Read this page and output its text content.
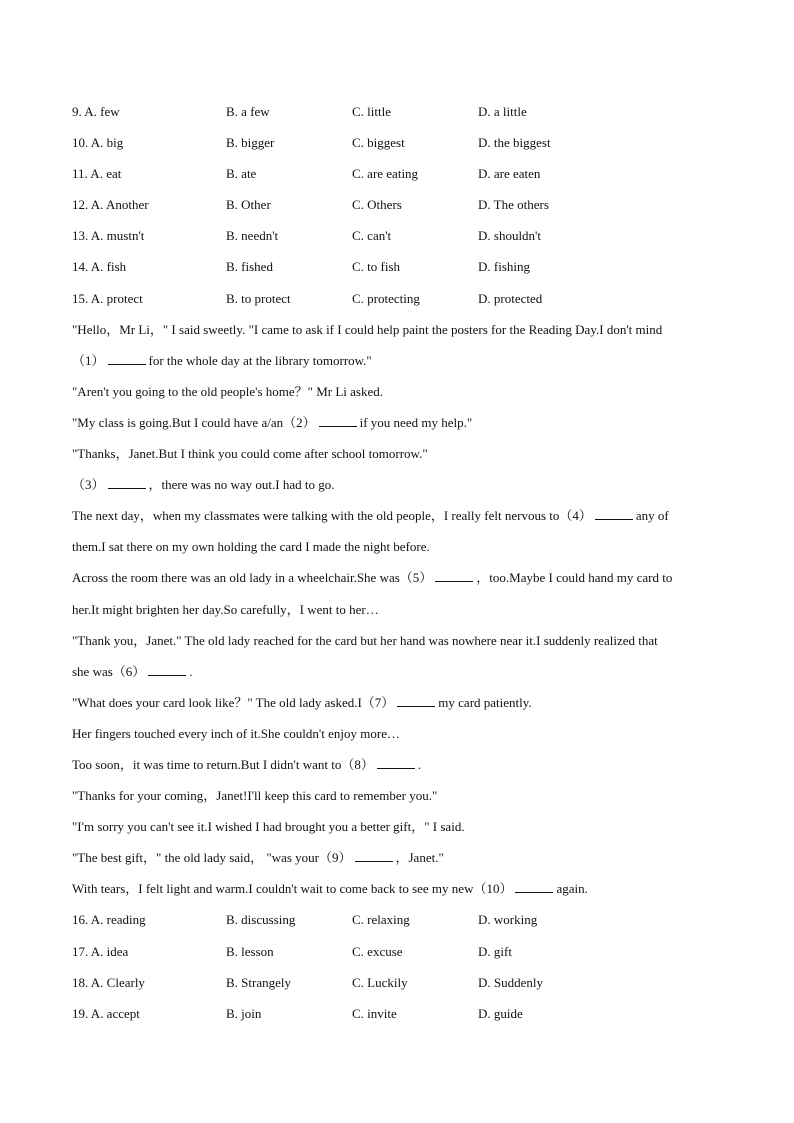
9. A. few	B. a few	C. little	D. a little
10. A. big	B. bigger	C. biggest	D. the biggest
11. A. eat	B. ate	C. are eating	D. are eaten
12. A. Another	B. Other	C. Others	D. The others
13. A. mustn't	B. needn't	C. can't	D. shouldn't
14. A. fish	B. fished	C. to fish	D. fishing
15. A. protect	B. to protect	C. protecting	D. protected
"Hello，Mr Li，" I said sweetly. "I came to ask if I could help paint the posters for the Reading Day.I don't mind
（1）	for the whole day at the library tomorrow."
"Aren't you going to the old people's home？" Mr Li asked.
"My class is going.But I could have a/an（2）	if you need my help."
"Thanks，Janet.But I think you could come after school tomorrow."
（3）	，there was no way out.I had to go.
The next day，when my classmates were talking with the old people，I really felt nervous to（4）	any of
them.I sat there on my own holding the card I made the night before.
Across the room there was an old lady in a wheelchair.She was（5）	，too.Maybe I could hand my card to
her.It might brighten her day.So carefully，I went to her…
"Thank you，Janet." The old lady reached for the card but her hand was nowhere near it.I suddenly realized that
she was（6）	.
"What does your card look like？" The old lady asked.I（7）	my card patiently.
Her fingers touched every inch of it.She couldn't enjoy more…
Too soon，it was time to return.But I didn't want to（8）	.
"Thanks for your coming，Janet!I'll keep this card to remember you."
"I'm sorry you can't see it.I wished I had brought you a better gift，" I said.
"The best gift，" the old lady said， "was your（9）	，Janet."
With tears，I felt light and warm.I couldn't wait to come back to see my new（10）	again.
16. A. reading	B. discussing	C. relaxing	D. working
17. A. idea	B. lesson	C. excuse	D. gift
18. A. Clearly	B. Strangely	C. Luckily	D. Suddenly
19. A. accept	B. join	C. invite	D. guide
